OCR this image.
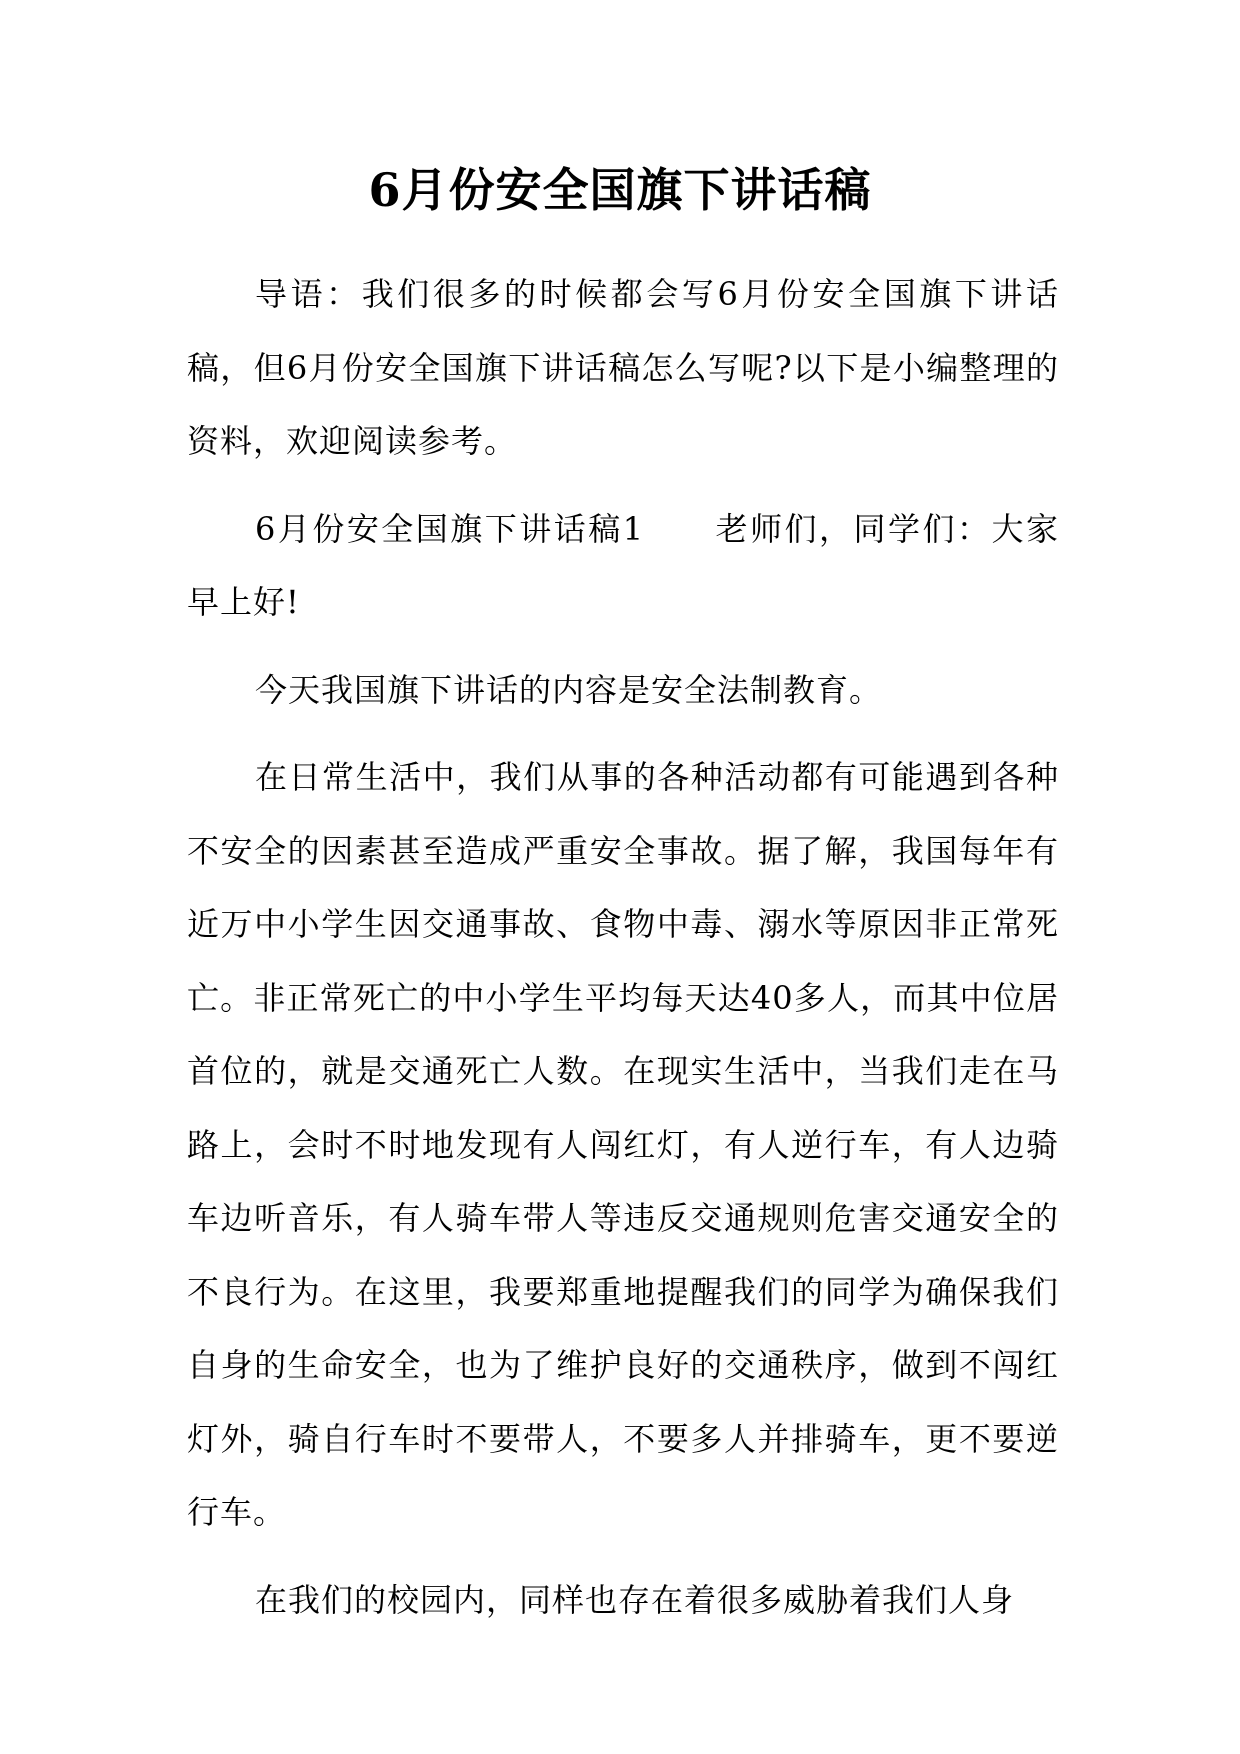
6月份安全国旗下讲话稿

导语：我们很多的时候都会写6月份安全国旗下讲话稿，但6月份安全国旗下讲话稿怎么写呢?以下是小编整理的资料，欢迎阅读参考。

6月份安全国旗下讲话稿1 老师们，同学们：大家早上好!

今天我国旗下讲话的内容是安全法制教育。

在日常生活中，我们从事的各种活动都有可能遇到各种不安全的因素甚至造成严重安全事故。据了解，我国每年有近万中小学生因交通事故、食物中毒、溺水等原因非正常死亡。非正常死亡的中小学生平均每天达40多人，而其中位居首位的，就是交通死亡人数。在现实生活中，当我们走在马路上，会时不时地发现有人闯红灯，有人逆行车，有人边骑车边听音乐，有人骑车带人等违反交通规则危害交通安全的不良行为。在这里，我要郑重地提醒我们的同学为确保我们自身的生命安全，也为了维护良好的交通秩序，做到不闯红灯外，骑自行车时不要带人，不要多人并排骑车，更不要逆行车。

在我们的校园内，同样也存在着很多威胁着我们人身
